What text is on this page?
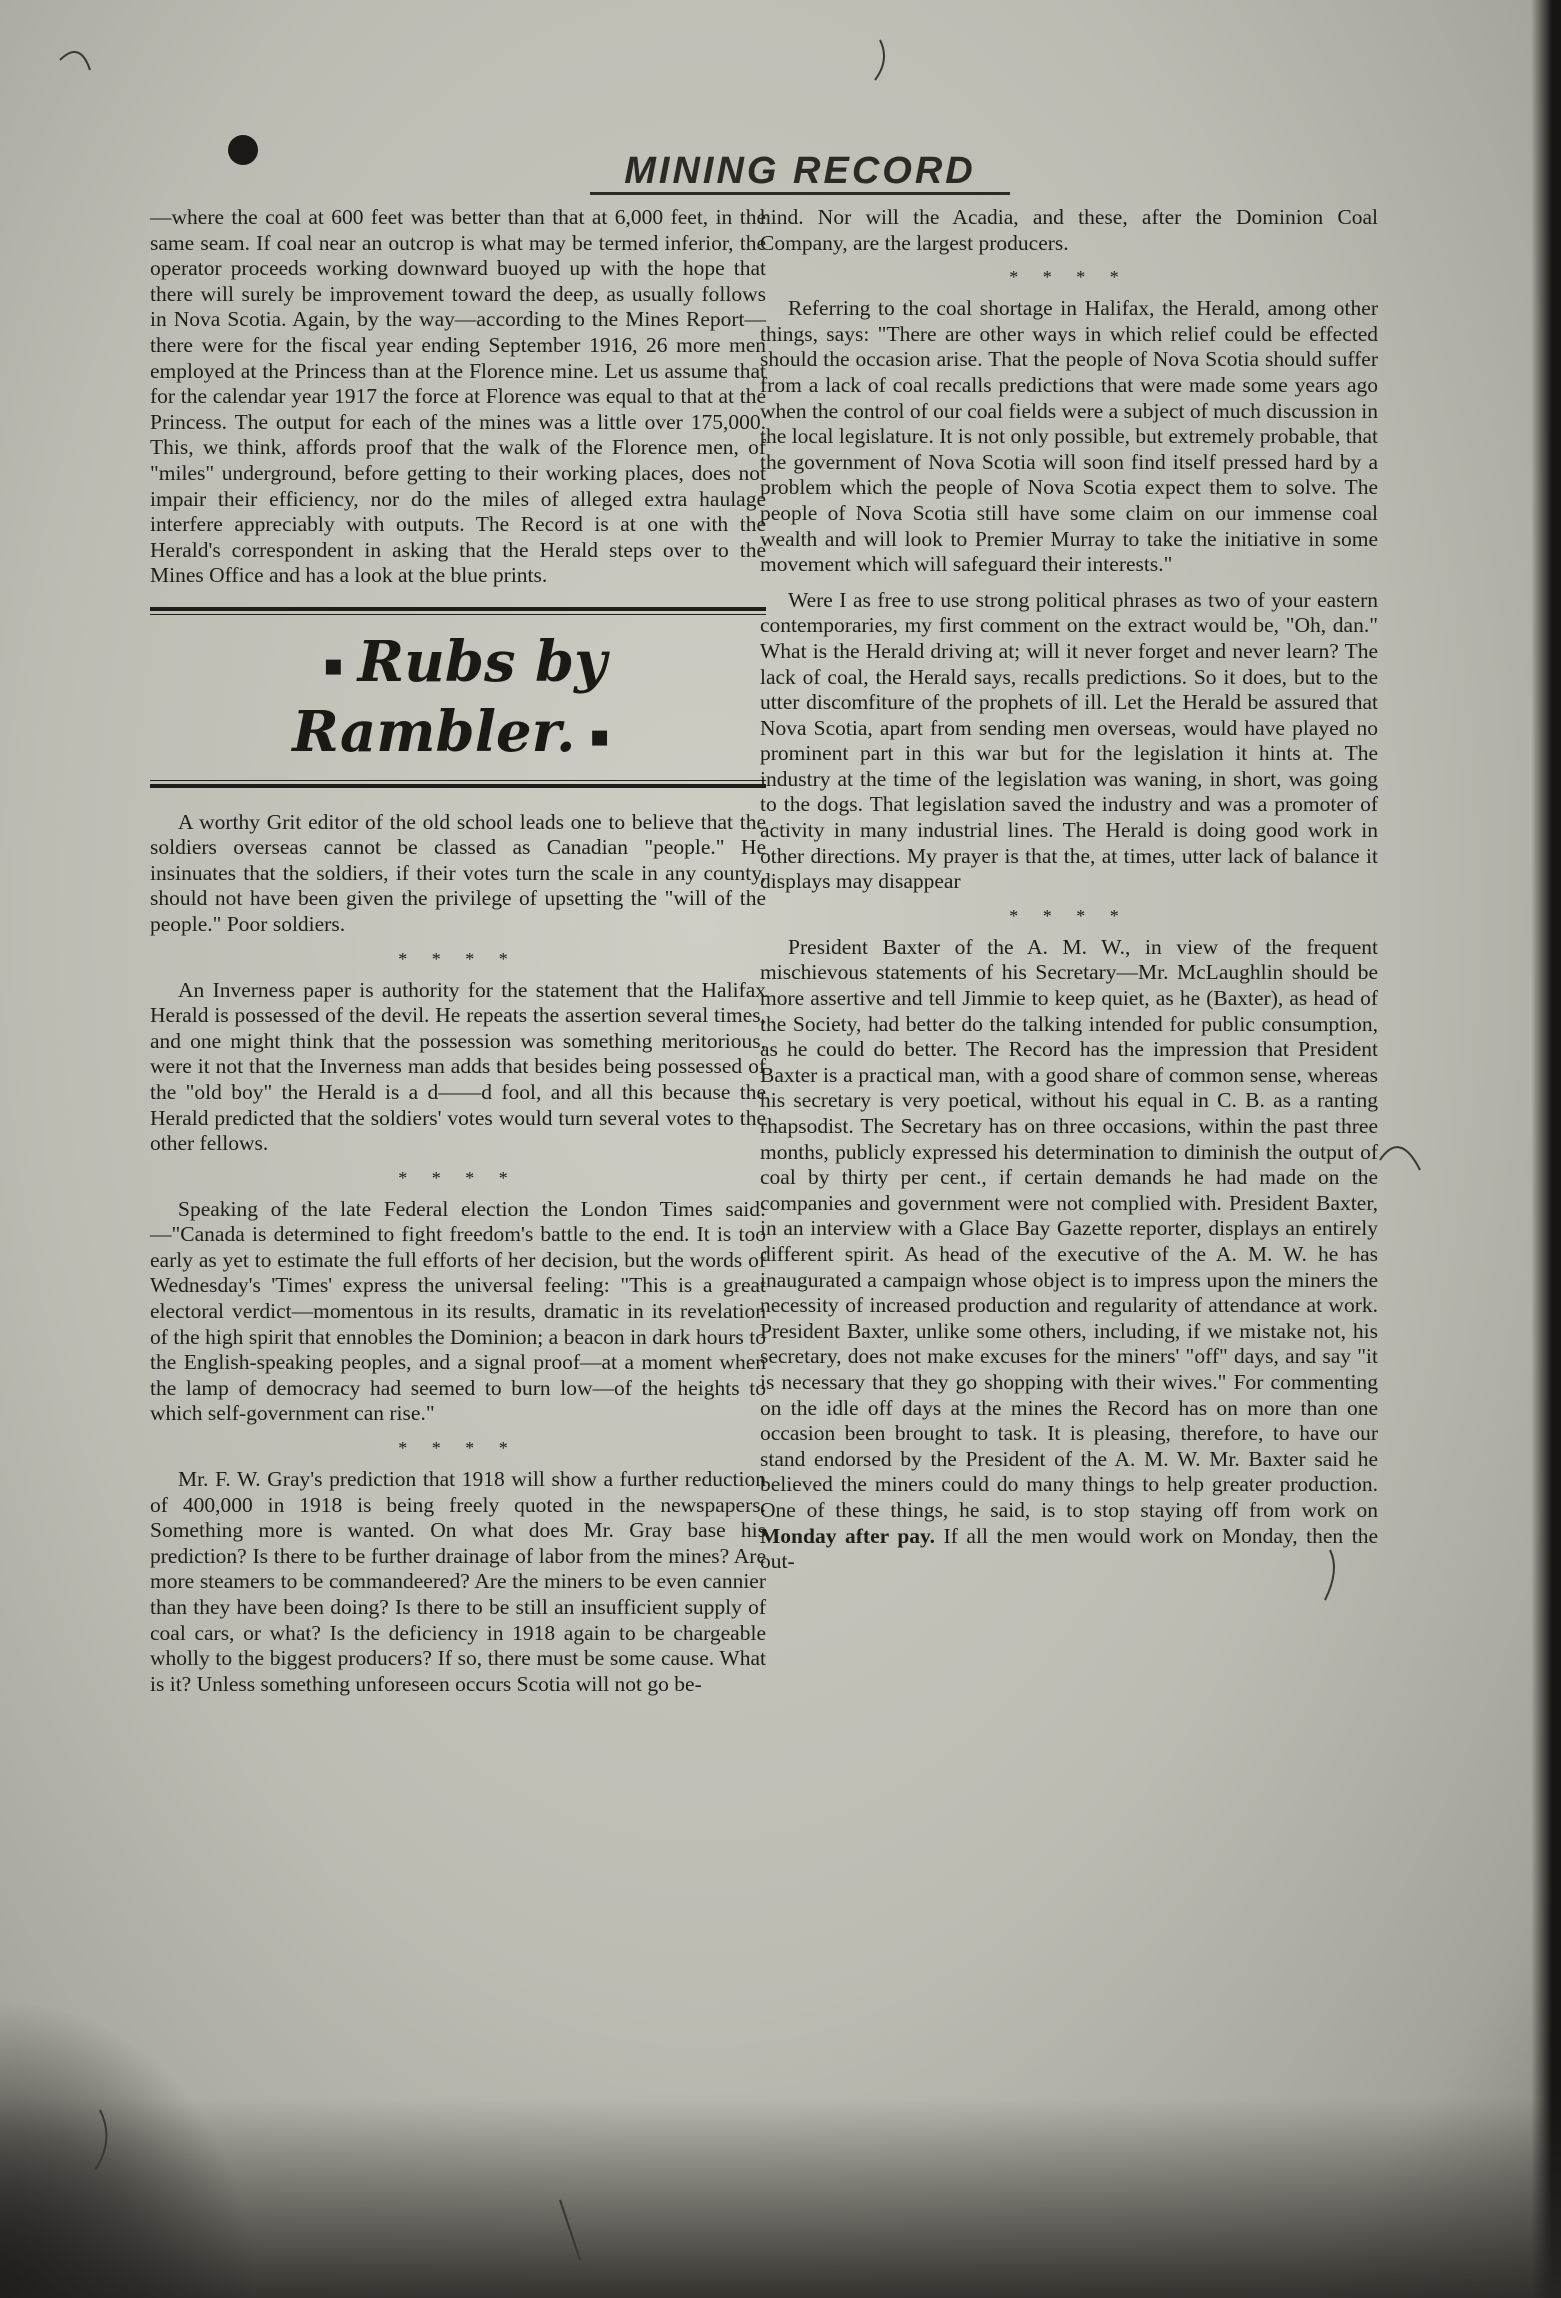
MINING RECORD

—where the coal at 600 feet was better than that at 6,000 feet, in the same seam. If coal near an outcrop is what may be termed inferior, the operator proceeds working downward buoyed up with the hope that there will surely be improvement toward the deep, as usually follows in Nova Scotia. Again, by the way—according to the Mines Report—there were for the fiscal year ending September 1916, 26 more men employed at the Princess than at the Florence mine. Let us assume that for the calendar year 1917 the force at Florence was equal to that at the Princess. The output for each of the mines was a little over 175,000. This, we think, affords proof that the walk of the Florence men, of "miles" underground, before getting to their working places, does not impair their efficiency, nor do the miles of alleged extra haulage interfere appreciably with outputs. The Record is at one with the Herald's correspondent in asking that the Herald steps over to the Mines Office and has a look at the blue prints.

▪ Rubs by Rambler. ▪

A worthy Grit editor of the old school leads one to believe that the soldiers overseas cannot be classed as Canadian "people." He insinuates that the soldiers, if their votes turn the scale in any county, should not have been given the privilege of upsetting the "will of the people." Poor soldiers.

* * * *

An Inverness paper is authority for the statement that the Halifax Herald is possessed of the devil. He repeats the assertion several times, and one might think that the possession was something meritorious, were it not that the Inverness man adds that besides being possessed of the "old boy" the Herald is a d——d fool, and all this because the Herald predicted that the soldiers' votes would turn several votes to the other fellows.

* * * *

Speaking of the late Federal election the London Times said:—"Canada is determined to fight freedom's battle to the end. It is too early as yet to estimate the full efforts of her decision, but the words of Wednesday's 'Times' express the universal feeling: "This is a great electoral verdict—momentous in its results, dramatic in its revelation of the high spirit that ennobles the Dominion; a beacon in dark hours to the English-speaking peoples, and a signal proof—at a moment when the lamp of democracy had seemed to burn low—of the heights to which self-government can rise."

* * * *

Mr. F. W. Gray's prediction that 1918 will show a further reduction of 400,000 in 1918 is being freely quoted in the newspapers. Something more is wanted. On what does Mr. Gray base his prediction? Is there to be further drainage of labor from the mines? Are more steamers to be commandeered? Are the miners to be even cannier than they have been doing? Is there to be still an insufficient supply of coal cars, or what? Is the deficiency in 1918 again to be chargeable wholly to the biggest producers? If so, there must be some cause. What is it? Unless something unforeseen occurs Scotia will not go be-

hind. Nor will the Acadia, and these, after the Dominion Coal Company, are the largest producers.

* * * *

Referring to the coal shortage in Halifax, the Herald, among other things, says: "There are other ways in which relief could be effected should the occasion arise. That the people of Nova Scotia should suffer from a lack of coal recalls predictions that were made some years ago when the control of our coal fields were a subject of much discussion in the local legislature. It is not only possible, but extremely probable, that the government of Nova Scotia will soon find itself pressed hard by a problem which the people of Nova Scotia expect them to solve. The people of Nova Scotia still have some claim on our immense coal wealth and will look to Premier Murray to take the initiative in some movement which will safeguard their interests."

Were I as free to use strong political phrases as two of your eastern contemporaries, my first comment on the extract would be, "Oh, dan." What is the Herald driving at; will it never forget and never learn? The lack of coal, the Herald says, recalls predictions. So it does, but to the utter discomfiture of the prophets of ill. Let the Herald be assured that Nova Scotia, apart from sending men overseas, would have played no prominent part in this war but for the legislation it hints at. The industry at the time of the legislation was waning, in short, was going to the dogs. That legislation saved the industry and was a promoter of activity in many industrial lines. The Herald is doing good work in other directions. My prayer is that the, at times, utter lack of balance it displays may disappear

* * * *

President Baxter of the A. M. W., in view of the frequent mischievous statements of his Secretary—Mr. McLaughlin should be more assertive and tell Jimmie to keep quiet, as he (Baxter), as head of the Society, had better do the talking intended for public consumption, as he could do better. The Record has the impression that President Baxter is a practical man, with a good share of common sense, whereas his secretary is very poetical, without his equal in C. B. as a ranting rhapsodist. The Secretary has on three occasions, within the past three months, publicly expressed his determination to diminish the output of coal by thirty per cent., if certain demands he had made on the companies and government were not complied with. President Baxter, in an interview with a Glace Bay Gazette reporter, displays an entirely different spirit. As head of the executive of the A. M. W. he has inaugurated a campaign whose object is to impress upon the miners the necessity of increased production and regularity of attendance at work. President Baxter, unlike some others, including, if we mistake not, his secretary, does not make excuses for the miners' "off" days, and say "it is necessary that they go shopping with their wives." For commenting on the idle off days at the mines the Record has on more than one occasion been brought to task. It is pleasing, therefore, to have our stand endorsed by the President of the A. M. W. Mr. Baxter said he believed the miners could do many things to help greater production. One of these things, he said, is to stop staying off from work on Monday after pay. If all the men would work on Monday, then the out-
